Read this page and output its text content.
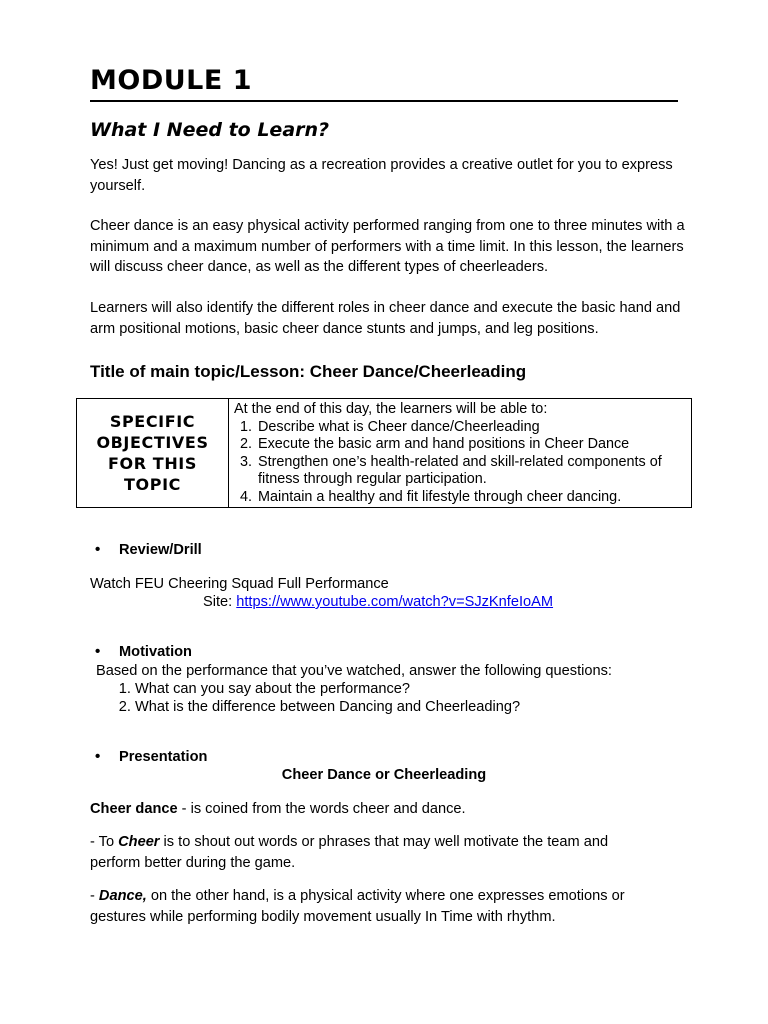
MODULE 1
What I Need to Learn?

Yes! Just get moving! Dancing as a recreation provides a creative outlet for you to express yourself.

Cheer dance is an easy physical activity performed ranging from one to three minutes with a minimum and a maximum number of performers with a time limit. In this lesson, the learners will discuss cheer dance, as well as the different types of cheerleaders.

Learners will also identify the different roles in cheer dance and execute the basic hand and arm positional motions, basic cheer dance stunts and jumps, and leg positions.

Title of main topic/Lesson: Cheer Dance/Cheerleading
SPECIFIC OBJECTIVES FOR THIS TOPIC
At the end of this day, the learners will be able to:
1. Describe what is Cheer dance/Cheerleading
2. Execute the basic arm and hand positions in Cheer Dance
3. Strengthen one’s health-related and skill-related components of fitness through regular participation.
4. Maintain a healthy and fit lifestyle through cheer dancing.
• Review/Drill

Watch FEU Cheering Squad Full Performance

Site: https://www.youtube.com/watch?v=SJzKnfeIoAM

• Motivation

Based on the performance that you’ve watched, answer the following questions:

1. What can you say about the performance?
2. What is the difference between Dancing and Cheerleading?
• Presentation

Cheer Dance or Cheerleading

Cheer dance - is coined from the words cheer and dance.

- To Cheer is to shout out words or phrases that may well motivate the team and perform better during the game.

- Dance, on the other hand, is a physical activity where one expresses emotions or gestures while performing bodily movement usually In Time with rhythm.
